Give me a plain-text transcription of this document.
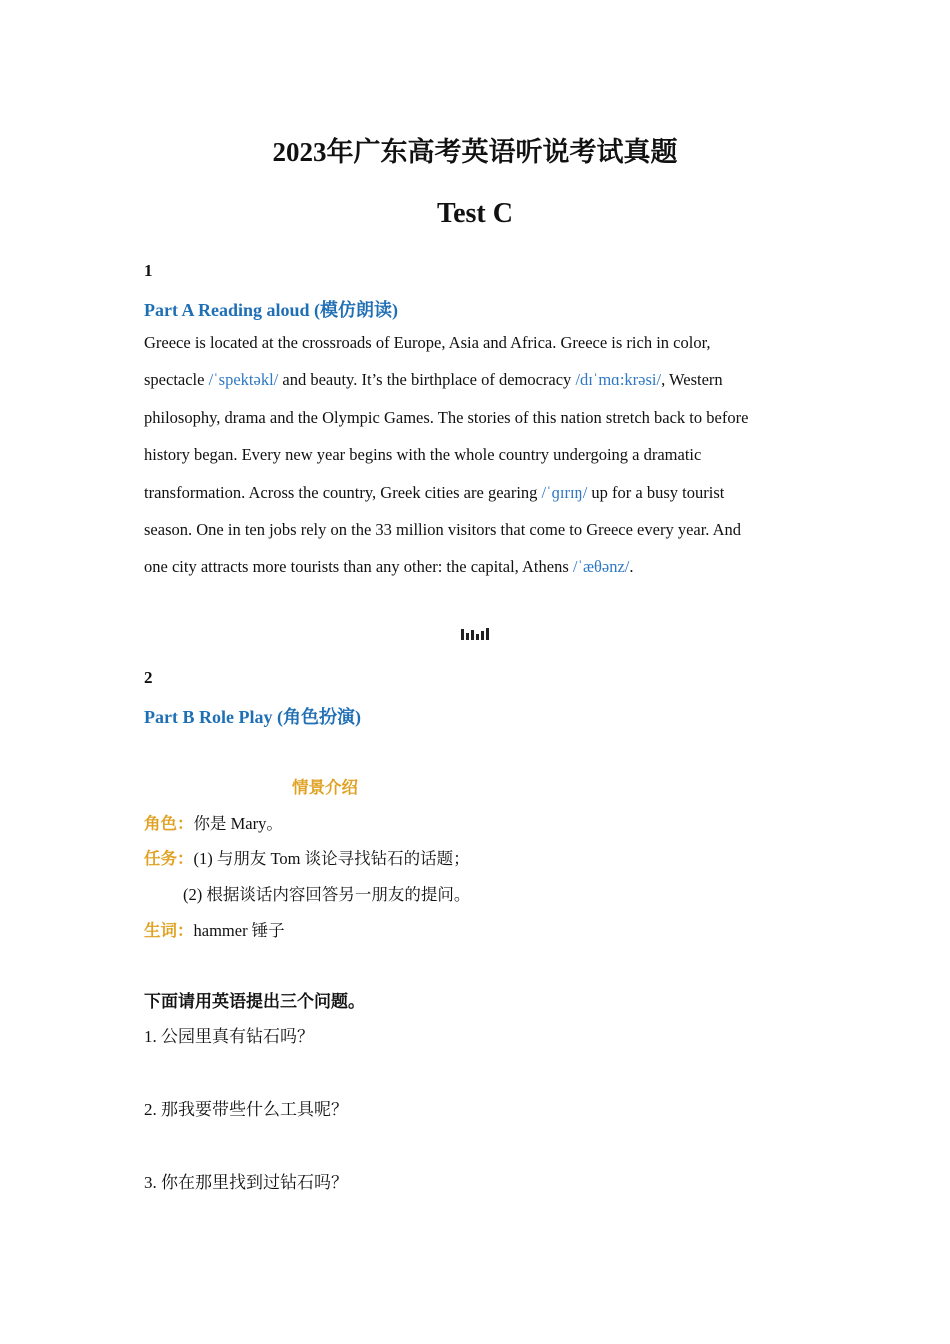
2023年广东高考英语听说考试真题
Test C
1
Part A Reading aloud (模仿朗读)
Greece is located at the crossroads of Europe, Asia and Africa. Greece is rich in color,
spectacle /ˈspektəkl/ and beauty. It’s the birthplace of democracy /dɪˈmɑ:krəsi/, Western
philosophy, drama and the Olympic Games. The stories of this nation stretch back to before
history began. Every new year begins with the whole country undergoing a dramatic
transformation. Across the country, Greek cities are gearing /ˈɡɪrɪŋ/ up for a busy tourist
season. One in ten jobs rely on the 33 million visitors that come to Greece every year. And
one city attracts more tourists than any other: the capital, Athens /ˈæθənz/.
2
Part B Role Play (角色扮演)
情景介绍
角色：你是 Mary。
任务：(1) 与朋友 Tom 谈论寻找钻石的话题；
(2) 根据谈话内容回答另一朋友的提问。
生词：hammer 锤子
下面请用英语提出三个问题。
1. 公园里真有钻石吗？
2. 那我要带些什么工具呢？
3. 你在那里找到过钻石吗？
